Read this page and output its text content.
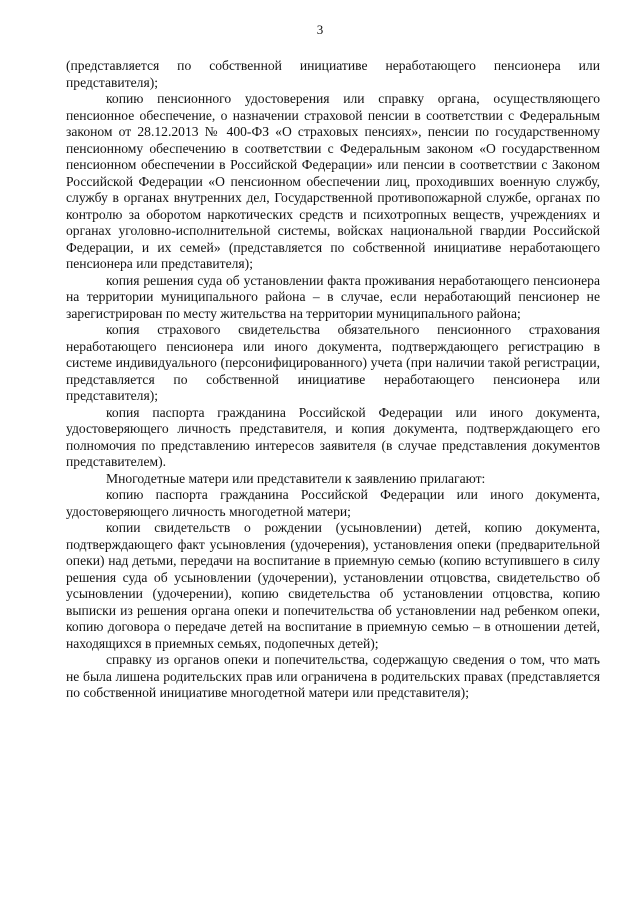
3

(представляется по собственной инициативе неработающего пенсионера или представителя);

копию пенсионного удостоверения или справку органа, осуществляющего пенсионное обеспечение, о назначении страховой пенсии в соответствии с Федеральным законом от 28.12.2013 № 400-ФЗ «О страховых пенсиях», пенсии по государственному пенсионному обеспечению в соответствии с Федеральным законом «О государственном пенсионном обеспечении в Российской Федерации» или пенсии в соответствии с Законом Российской Федерации «О пенсионном обеспечении лиц, проходивших военную службу, службу в органах внутренних дел, Государственной противопожарной службе, органах по контролю за оборотом наркотических средств и психотропных веществ, учреждениях и органах уголовно-исполнительной системы, войсках национальной гвардии Российской Федерации, и их семей» (представляется по собственной инициативе неработающего пенсионера или представителя);

копия решения суда об установлении факта проживания неработающего пенсионера на территории муниципального района – в случае, если неработающий пенсионер не зарегистрирован по месту жительства на территории муниципального района;

копия страхового свидетельства обязательного пенсионного страхования неработающего пенсионера или иного документа, подтверждающего регистрацию в системе индивидуального (персонифицированного) учета (при наличии такой регистрации, представляется по собственной инициативе неработающего пенсионера или представителя);

копия паспорта гражданина Российской Федерации или иного документа, удостоверяющего личность представителя, и копия документа, подтверждающего его полномочия по представлению интересов заявителя (в случае представления документов представителем).

Многодетные матери или представители к заявлению прилагают:

копию паспорта гражданина Российской Федерации или иного документа, удостоверяющего личность многодетной матери;

копии свидетельств о рождении (усыновлении) детей, копию документа, подтверждающего факт усыновления (удочерения), установления опеки (предварительной опеки) над детьми, передачи на воспитание в приемную семью (копию вступившего в силу решения суда об усыновлении (удочерении), установлении отцовства, свидетельство об усыновлении (удочерении), копию свидетельства об установлении отцовства, копию выписки из решения органа опеки и попечительства об установлении над ребенком опеки, копию договора о передаче детей на воспитание в приемную семью – в отношении детей, находящихся в приемных семьях, подопечных детей);

справку из органов опеки и попечительства, содержащую сведения о том, что мать не была лишена родительских прав или ограничена в родительских правах (представляется по собственной инициативе многодетной матери или представителя);
